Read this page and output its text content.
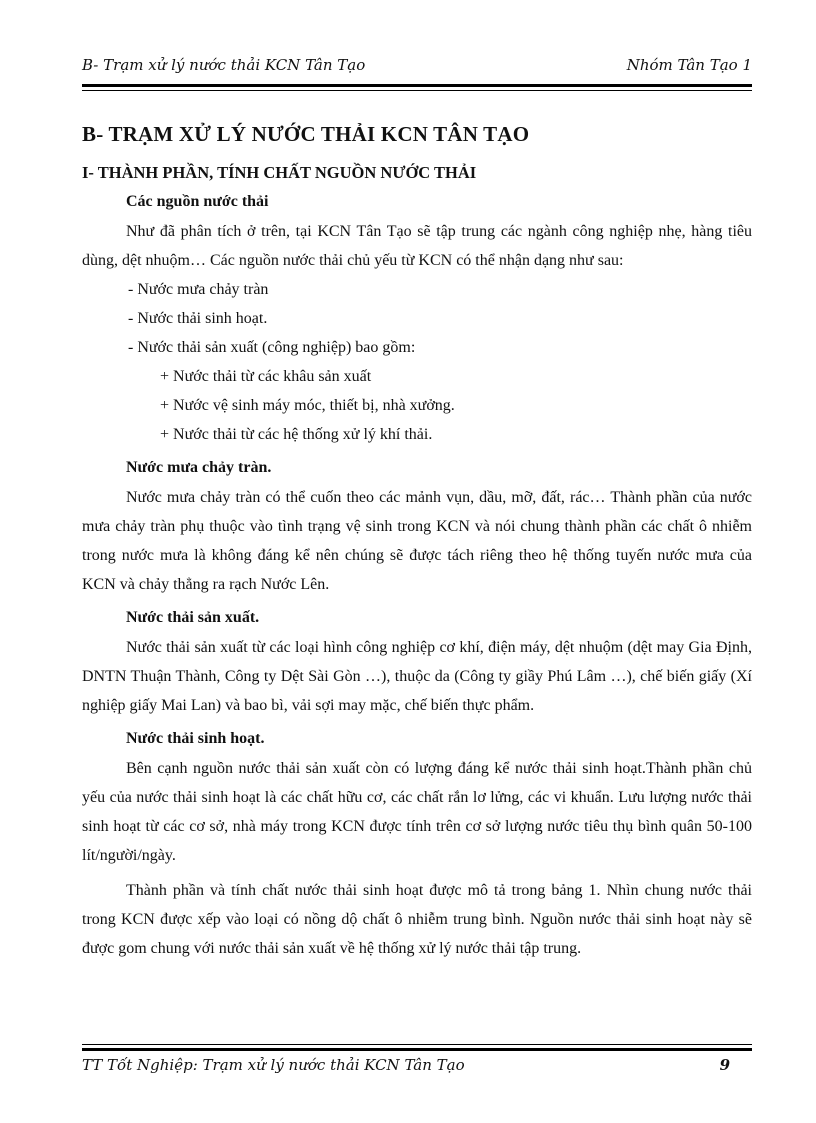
B- Trạm xử lý nước thải KCN Tân Tạo	Nhóm Tân Tạo 1
B- TRẠM XỬ LÝ NƯỚC THẢI KCN TÂN TẠO
I- THÀNH PHẦN, TÍNH CHẤT NGUỒN NƯỚC THẢI
Các nguồn nước thải

Như đã phân tích ở trên, tại KCN Tân Tạo sẽ tập trung các ngành công nghiệp nhẹ, hàng tiêu dùng, dệt nhuộm… Các nguồn nước thải chủ yếu từ KCN có thể nhận dạng như sau:

- Nước mưa chảy tràn
- Nước thải sinh hoạt.
- Nước thải sản xuất (công nghiệp) bao gồm:
+ Nước thải từ các khâu sản xuất
+ Nước vệ sinh máy móc, thiết bị, nhà xưởng.
+ Nước thải từ các hệ thống xử lý khí thải.
Nước mưa chảy tràn.

Nước mưa chảy tràn có thể cuốn theo các mảnh vụn, dầu, mỡ, đất, rác… Thành phần của nước mưa chảy tràn phụ thuộc vào tình trạng vệ sinh trong KCN và nói chung thành phần các chất ô nhiễm trong nước mưa là không đáng kể nên chúng sẽ được tách riêng theo hệ thống tuyến nước mưa của KCN và chảy thẳng ra rạch Nước Lên.

Nước thải sản xuất.

Nước thải sản xuất từ các loại hình công nghiệp cơ khí, điện máy, dệt nhuộm (dệt may Gia Định, DNTN Thuận Thành, Công ty Dệt Sài Gòn …), thuộc da (Công ty giầy Phú Lâm …), chế biến giấy (Xí nghiệp giấy Mai Lan) và bao bì, vải sợi may mặc, chế biến thực phẩm.

Nước thải sinh hoạt.

Bên cạnh nguồn nước thải sản xuất còn có lượng đáng kể nước thải sinh hoạt.Thành phần chủ yếu của nước thải sinh hoạt là các chất hữu cơ, các chất rắn lơ lửng, các vi khuẩn. Lưu lượng nước thải sinh hoạt từ các cơ sở, nhà máy trong KCN được tính trên cơ sở lượng nước tiêu thụ bình quân 50-100 lít/người/ngày.

Thành phần và tính chất nước thải sinh hoạt được mô tả trong bảng 1. Nhìn chung nước thải trong KCN được xếp vào loại có nồng dộ chất ô nhiễm trung bình. Nguồn nước thải sinh hoạt này sẽ được gom chung với nước thải sản xuất về hệ thống xử lý nước thải tập trung.

TT Tốt Nghiệp: Trạm xử lý nước thải KCN Tân Tạo	9
